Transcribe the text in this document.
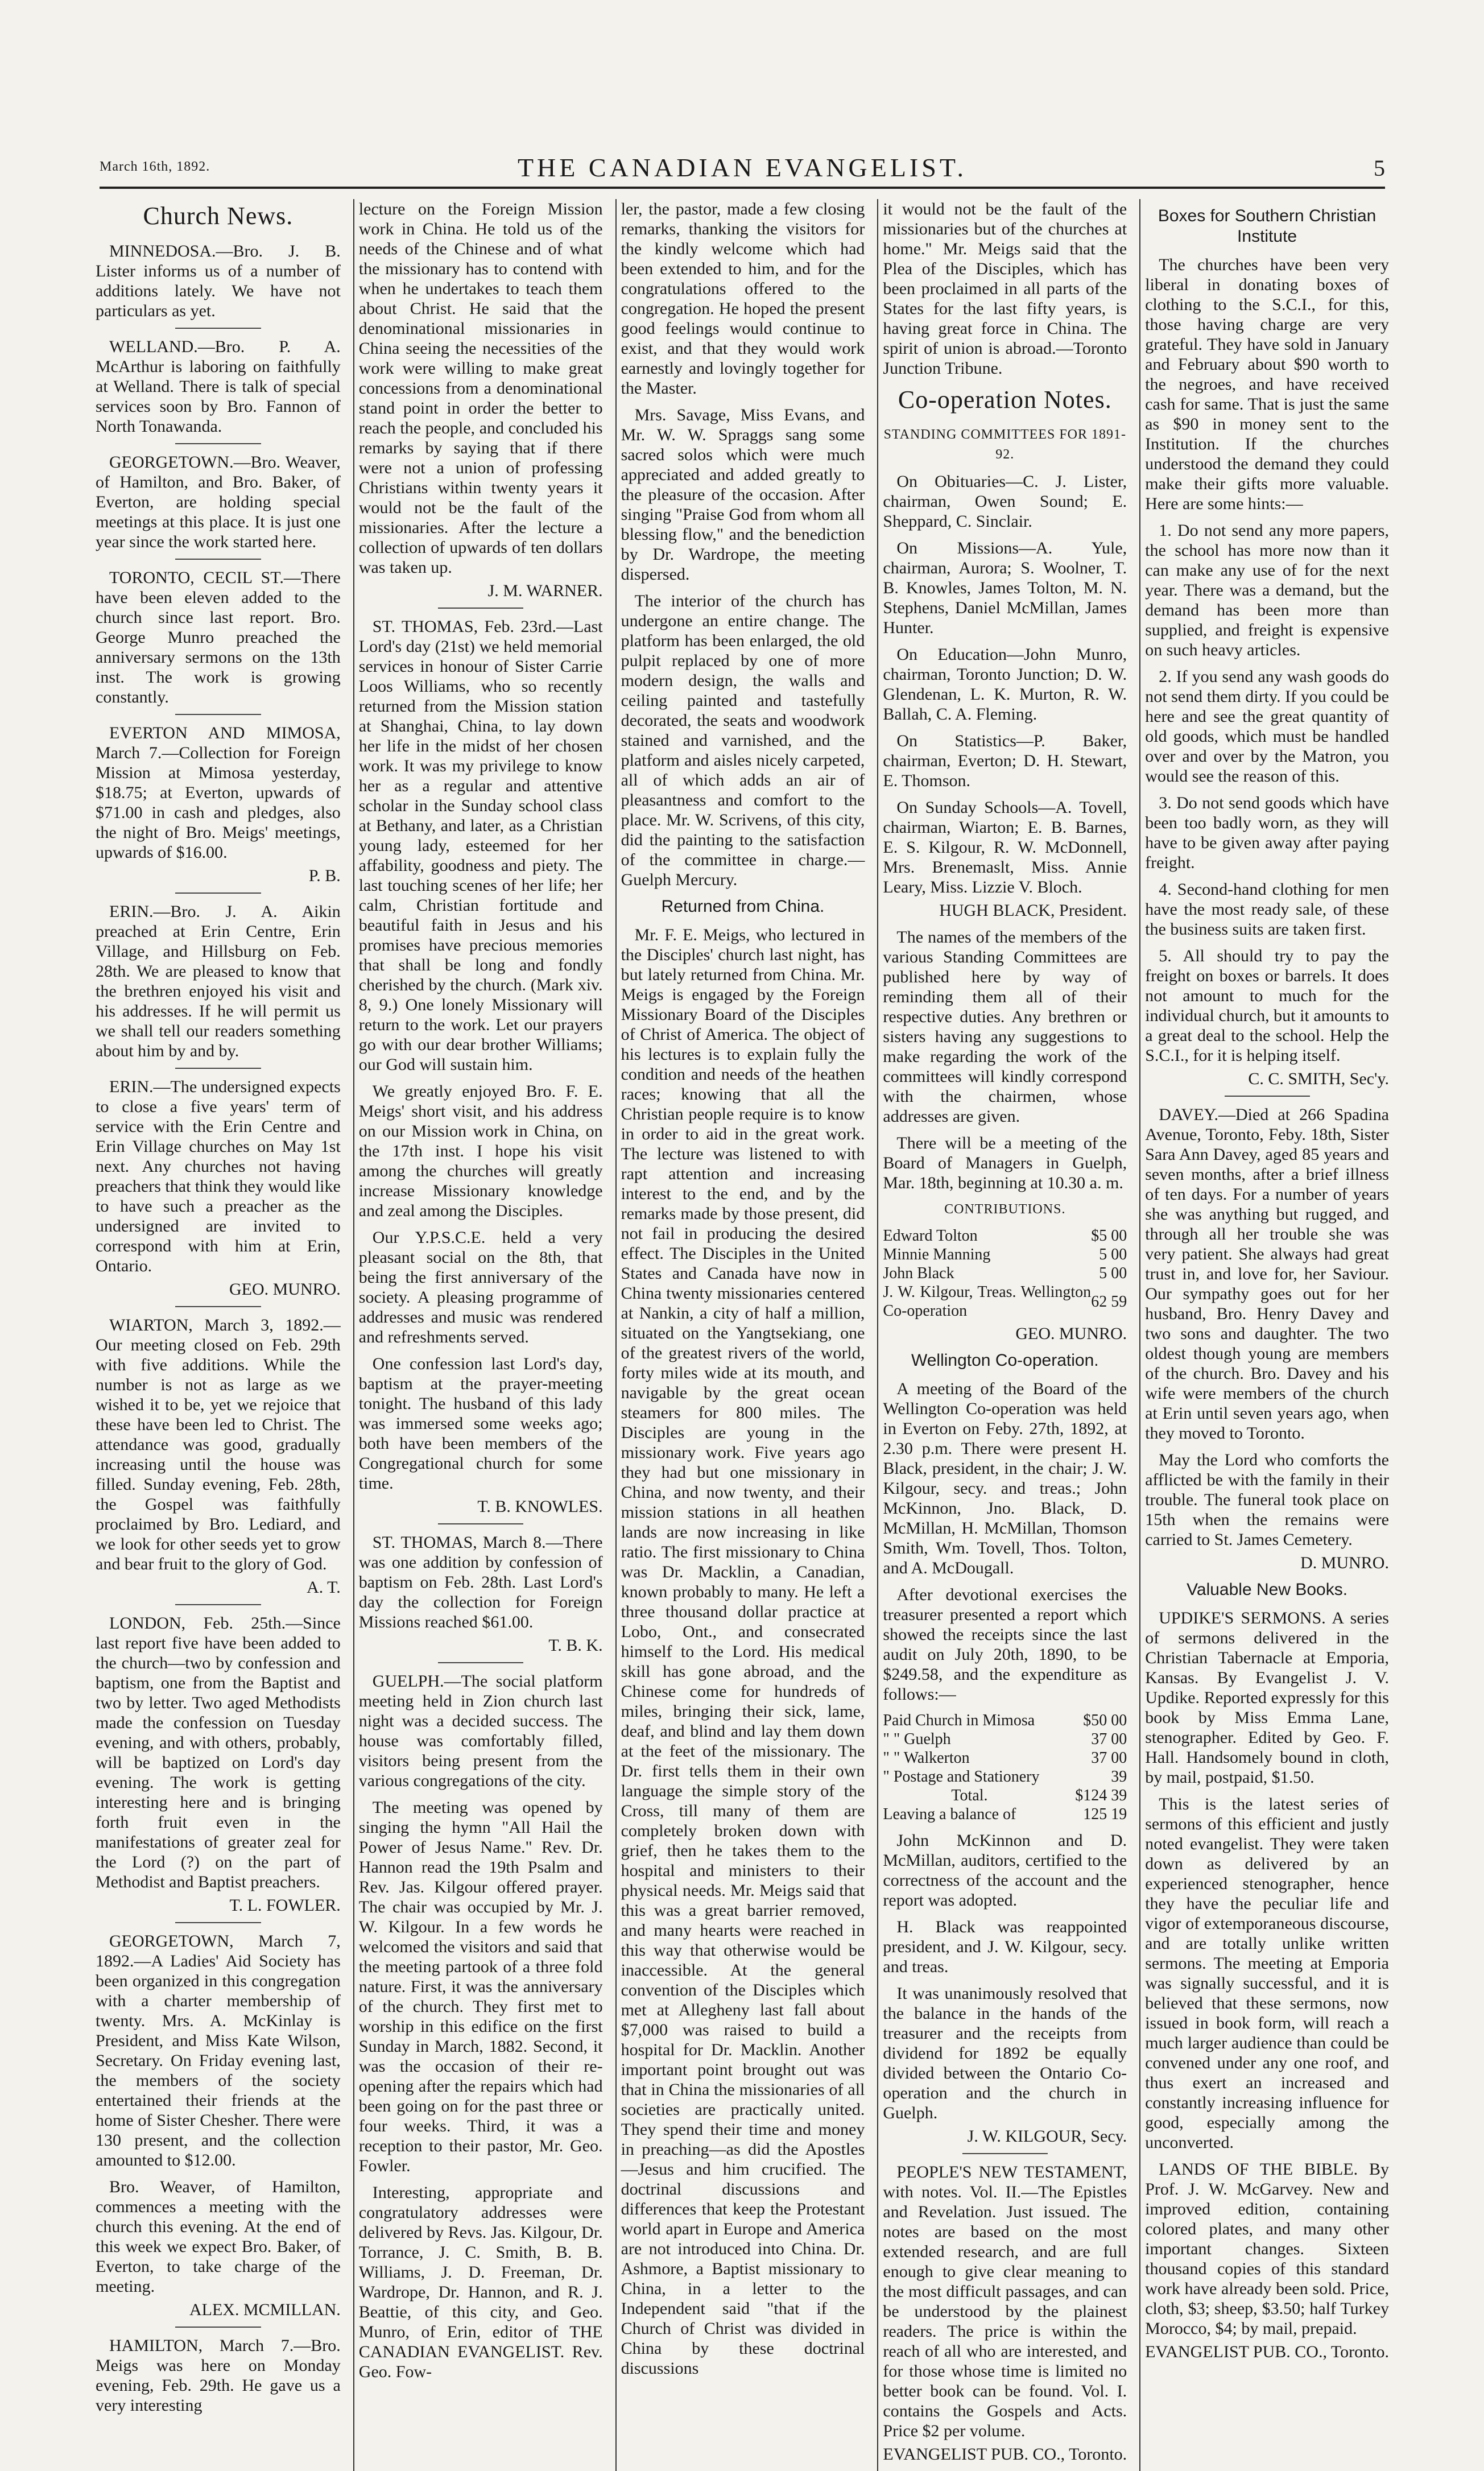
March 16th, 1892.	THE CANADIAN EVANGELIST.	5
Church News.

MINNEDOSA.—Bro. J. B. Lister informs us of a number of additions lately. We have not particulars as yet.

WELLAND.—Bro. P. A. McArthur is laboring on faithfully at Welland. There is talk of special services soon by Bro. Fannon of North Tonawanda.

GEORGETOWN.—Bro. Weaver, of Hamilton, and Bro. Baker, of Everton, are holding special meetings at this place. It is just one year since the work started here.

TORONTO, CECIL ST.—There have been eleven added to the church since last report. Bro. George Munro preached the anniversary sermons on the 13th inst. The work is growing constantly.

EVERTON AND MIMOSA, March 7.—Collection for Foreign Mission at Mimosa yesterday, $18.75; at Everton, upwards of $71.00 in cash and pledges, also the night of Bro. Meigs' meetings, upwards of $16.00.

P. B.

ERIN.—Bro. J. A. Aikin preached at Erin Centre, Erin Village, and Hillsburg on Feb. 28th. We are pleased to know that the brethren enjoyed his visit and his addresses. If he will permit us we shall tell our readers something about him by and by.

ERIN.—The undersigned expects to close a five years' term of service with the Erin Centre and Erin Village churches on May 1st next. Any churches not having preachers that think they would like to have such a preacher as the undersigned are invited to correspond with him at Erin, Ontario.

GEO. MUNRO.

WIARTON, March 3, 1892.—Our meeting closed on Feb. 29th with five additions. While the number is not as large as we wished it to be, yet we rejoice that these have been led to Christ. The attendance was good, gradually increasing until the house was filled. Sunday evening, Feb. 28th, the Gospel was faithfully proclaimed by Bro. Lediard, and we look for other seeds yet to grow and bear fruit to the glory of God.

A. T.

LONDON, Feb. 25th.—Since last report five have been added to the church—two by confession and baptism, one from the Baptist and two by letter. Two aged Methodists made the confession on Tuesday evening, and with others, probably, will be baptized on Lord's day evening. The work is getting interesting here and is bringing forth fruit even in the manifestations of greater zeal for the Lord (?) on the part of Methodist and Baptist preachers.

T. L. FOWLER.

GEORGETOWN, March 7, 1892.—A Ladies' Aid Society has been organized in this congregation with a charter membership of twenty. Mrs. A. McKinlay is President, and Miss Kate Wilson, Secretary. On Friday evening last, the members of the society entertained their friends at the home of Sister Chesher. There were 130 present, and the collection amounted to $12.00.

Bro. Weaver, of Hamilton, commences a meeting with the church this evening. At the end of this week we expect Bro. Baker, of Everton, to take charge of the meeting.

ALEX. MCMILLAN.

HAMILTON, March 7.—Bro. Meigs was here on Monday evening, Feb. 29th. He gave us a very interesting

lecture on the Foreign Mission work in China. He told us of the needs of the Chinese and of what the missionary has to contend with when he undertakes to teach them about Christ. He said that the denominational missionaries in China seeing the necessities of the work were willing to make great concessions from a denominational stand point in order the better to reach the people, and concluded his remarks by saying that if there were not a union of professing Christians within twenty years it would not be the fault of the missionaries. After the lecture a collection of upwards of ten dollars was taken up.

J. M. WARNER.

ST. THOMAS, Feb. 23rd.—Last Lord's day (21st) we held memorial services in honour of Sister Carrie Loos Williams, who so recently returned from the Mission station at Shanghai, China, to lay down her life in the midst of her chosen work. It was my privilege to know her as a regular and attentive scholar in the Sunday school class at Bethany, and later, as a Christian young lady, esteemed for her affability, goodness and piety. The last touching scenes of her life; her calm, Christian fortitude and beautiful faith in Jesus and his promises have precious memories that shall be long and fondly cherished by the church. (Mark xiv. 8, 9.) One lonely Missionary will return to the work. Let our prayers go with our dear brother Williams; our God will sustain him.

We greatly enjoyed Bro. F. E. Meigs' short visit, and his address on our Mission work in China, on the 17th inst. I hope his visit among the churches will greatly increase Missionary knowledge and zeal among the Disciples.

Our Y.P.S.C.E. held a very pleasant social on the 8th, that being the first anniversary of the society. A pleasing programme of addresses and music was rendered and refreshments served.

One confession last Lord's day, baptism at the prayer-meeting tonight. The husband of this lady was immersed some weeks ago; both have been members of the Congregational church for some time.

T. B. KNOWLES.

ST. THOMAS, March 8.—There was one addition by confession of baptism on Feb. 28th. Last Lord's day the collection for Foreign Missions reached $61.00.

T. B. K.

GUELPH.—The social platform meeting held in Zion church last night was a decided success. The house was comfortably filled, visitors being present from the various congregations of the city.

The meeting was opened by singing the hymn "All Hail the Power of Jesus Name." Rev. Dr. Hannon read the 19th Psalm and Rev. Jas. Kilgour offered prayer. The chair was occupied by Mr. J. W. Kilgour. In a few words he welcomed the visitors and said that the meeting partook of a three fold nature. First, it was the anniversary of the church. They first met to worship in this edifice on the first Sunday in March, 1882. Second, it was the occasion of their re-opening after the repairs which had been going on for the past three or four weeks. Third, it was a reception to their pastor, Mr. Geo. Fowler.

Interesting, appropriate and congratulatory addresses were delivered by Revs. Jas. Kilgour, Dr. Torrance, J. C. Smith, B. B. Williams, J. D. Freeman, Dr. Wardrope, Dr. Hannon, and R. J. Beattie, of this city, and Geo. Munro, of Erin, editor of THE CANADIAN EVANGELIST. Rev. Geo. Fow-

ler, the pastor, made a few closing remarks, thanking the visitors for the kindly welcome which had been extended to him, and for the congratulations offered to the congregation. He hoped the present good feelings would continue to exist, and that they would work earnestly and lovingly together for the Master.

Mrs. Savage, Miss Evans, and Mr. W. W. Spraggs sang some sacred solos which were much appreciated and added greatly to the pleasure of the occasion. After singing "Praise God from whom all blessing flow," and the benediction by Dr. Wardrope, the meeting dispersed.

The interior of the church has undergone an entire change. The platform has been enlarged, the old pulpit replaced by one of more modern design, the walls and ceiling painted and tastefully decorated, the seats and woodwork stained and varnished, and the platform and aisles nicely carpeted, all of which adds an air of pleasantness and comfort to the place. Mr. W. Scrivens, of this city, did the painting to the satisfaction of the committee in charge.—Guelph Mercury.

Returned from China.

Mr. F. E. Meigs, who lectured in the Disciples' church last night, has but lately returned from China. Mr. Meigs is engaged by the Foreign Missionary Board of the Disciples of Christ of America. The object of his lectures is to explain fully the condition and needs of the heathen races; knowing that all the Christian people require is to know in order to aid in the great work. The lecture was listened to with rapt attention and increasing interest to the end, and by the remarks made by those present, did not fail in producing the desired effect. The Disciples in the United States and Canada have now in China twenty missionaries centered at Nankin, a city of half a million, situated on the Yangtsekiang, one of the greatest rivers of the world, forty miles wide at its mouth, and navigable by the great ocean steamers for 800 miles. The Disciples are young in the missionary work. Five years ago they had but one missionary in China, and now twenty, and their mission stations in all heathen lands are now increasing in like ratio. The first missionary to China was Dr. Macklin, a Canadian, known probably to many. He left a three thousand dollar practice at Lobo, Ont., and consecrated himself to the Lord. His medical skill has gone abroad, and the Chinese come for hundreds of miles, bringing their sick, lame, deaf, and blind and lay them down at the feet of the missionary. The Dr. first tells them in their own language the simple story of the Cross, till many of them are completely broken down with grief, then he takes them to the hospital and ministers to their physical needs. Mr. Meigs said that this was a great barrier removed, and many hearts were reached in this way that otherwise would be inaccessible. At the general convention of the Disciples which met at Allegheny last fall about $7,000 was raised to build a hospital for Dr. Macklin. Another important point brought out was that in China the missionaries of all societies are practically united. They spend their time and money in preaching—as did the Apostles—Jesus and him crucified. The doctrinal discussions and differences that keep the Protestant world apart in Europe and America are not introduced into China. Dr. Ashmore, a Baptist missionary to China, in a letter to the Independent said "that if the Church of Christ was divided in China by these doctrinal discussions

it would not be the fault of the missionaries but of the churches at home." Mr. Meigs said that the Plea of the Disciples, which has been proclaimed in all parts of the States for the last fifty years, is having great force in China. The spirit of union is abroad.—Toronto Junction Tribune.

Co-operation Notes.

STANDING COMMITTEES FOR 1891-92.

On Obituaries—C. J. Lister, chairman, Owen Sound; E. Sheppard, C. Sinclair.

On Missions—A. Yule, chairman, Aurora; S. Woolner, T. B. Knowles, James Tolton, M. N. Stephens, Daniel McMillan, James Hunter.

On Education—John Munro, chairman, Toronto Junction; D. W. Glendenan, L. K. Murton, R. W. Ballah, C. A. Fleming.

On Statistics—P. Baker, chairman, Everton; D. H. Stewart, E. Thomson.

On Sunday Schools—A. Tovell, chairman, Wiarton; E. B. Barnes, E. S. Kilgour, R. W. McDonnell, Mrs. Brenemaslt, Miss. Annie Leary, Miss. Lizzie V. Bloch.

HUGH BLACK, President.

The names of the members of the various Standing Committees are published here by way of reminding them all of their respective duties. Any brethren or sisters having any suggestions to make regarding the work of the committees will kindly correspond with the chairmen, whose addresses are given.

There will be a meeting of the Board of Managers in Guelph, Mar. 18th, beginning at 10.30 a. m.

CONTRIBUTIONS.

Edward Tolton	$5 00
Minnie Manning	5 00
John Black	5 00
J. W. Kilgour, Treas. Wellington Co-operation	62 59

GEO. MUNRO.

Wellington Co-operation.

A meeting of the Board of the Wellington Co-operation was held in Everton on Feby. 27th, 1892, at 2.30 p.m. There were present H. Black, president, in the chair; J. W. Kilgour, secy. and treas.; John McKinnon, Jno. Black, D. McMillan, H. McMillan, Thomson Smith, Wm. Tovell, Thos. Tolton, and A. McDougall.

After devotional exercises the treasurer presented a report which showed the receipts since the last audit on July 20th, 1890, to be $249.58, and the expenditure as follows:—

Paid Church in Mimosa	$50 00
" " Guelph	37 00
" " Walkerton	37 00
" Postage and Stationery	39
Total.	$124 39
Leaving a balance of	125 19

John McKinnon and D. McMillan, auditors, certified to the correctness of the account and the report was adopted.

H. Black was reappointed president, and J. W. Kilgour, secy. and treas.

It was unanimously resolved that the balance in the hands of the treasurer and the receipts from dividend for 1892 be equally divided between the Ontario Co-operation and the church in Guelph.

J. W. KILGOUR, Secy.

PEOPLE'S NEW TESTAMENT, with notes. Vol. II.—The Epistles and Revelation. Just issued. The notes are based on the most extended research, and are full enough to give clear meaning to the most difficult passages, and can be understood by the plainest readers. The price is within the reach of all who are interested, and for those whose time is limited no better book can be found. Vol. I. contains the Gospels and Acts. Price $2 per volume.

EVANGELIST PUB. CO., Toronto.

Boxes for Southern Christian Institute

The churches have been very liberal in donating boxes of clothing to the S.C.I., for this, those having charge are very grateful. They have sold in January and February about $90 worth to the negroes, and have received cash for same. That is just the same as $90 in money sent to the Institution. If the churches understood the demand they could make their gifts more valuable. Here are some hints:—

1. Do not send any more papers, the school has more now than it can make any use of for the next year. There was a demand, but the demand has been more than supplied, and freight is expensive on such heavy articles.

2. If you send any wash goods do not send them dirty. If you could be here and see the great quantity of old goods, which must be handled over and over by the Matron, you would see the reason of this.

3. Do not send goods which have been too badly worn, as they will have to be given away after paying freight.

4. Second-hand clothing for men have the most ready sale, of these the business suits are taken first.

5. All should try to pay the freight on boxes or barrels. It does not amount to much for the individual church, but it amounts to a great deal to the school. Help the S.C.I., for it is helping itself.

C. C. SMITH, Sec'y.

DAVEY.—Died at 266 Spadina Avenue, Toronto, Feby. 18th, Sister Sara Ann Davey, aged 85 years and seven months, after a brief illness of ten days. For a number of years she was anything but rugged, and through all her trouble she was very patient. She always had great trust in, and love for, her Saviour. Our sympathy goes out for her husband, Bro. Henry Davey and two sons and daughter. The two oldest though young are members of the church. Bro. Davey and his wife were members of the church at Erin until seven years ago, when they moved to Toronto.

May the Lord who comforts the afflicted be with the family in their trouble. The funeral took place on 15th when the remains were carried to St. James Cemetery.

D. MUNRO.

Valuable New Books.

UPDIKE'S SERMONS. A series of sermons delivered in the Christian Tabernacle at Emporia, Kansas. By Evangelist J. V. Updike. Reported expressly for this book by Miss Emma Lane, stenographer. Edited by Geo. F. Hall. Handsomely bound in cloth, by mail, postpaid, $1.50.

This is the latest series of sermons of this efficient and justly noted evangelist. They were taken down as delivered by an experienced stenographer, hence they have the peculiar life and vigor of extemporaneous discourse, and are totally unlike written sermons. The meeting at Emporia was signally successful, and it is believed that these sermons, now issued in book form, will reach a much larger audience than could be convened under any one roof, and thus exert an increased and constantly increasing influence for good, especially among the unconverted.

LANDS OF THE BIBLE. By Prof. J. W. McGarvey. New and improved edition, containing colored plates, and many other important changes. Sixteen thousand copies of this standard work have already been sold. Price, cloth, $3; sheep, $3.50; half Turkey Morocco, $4; by mail, prepaid.

EVANGELIST PUB. CO., Toronto.
